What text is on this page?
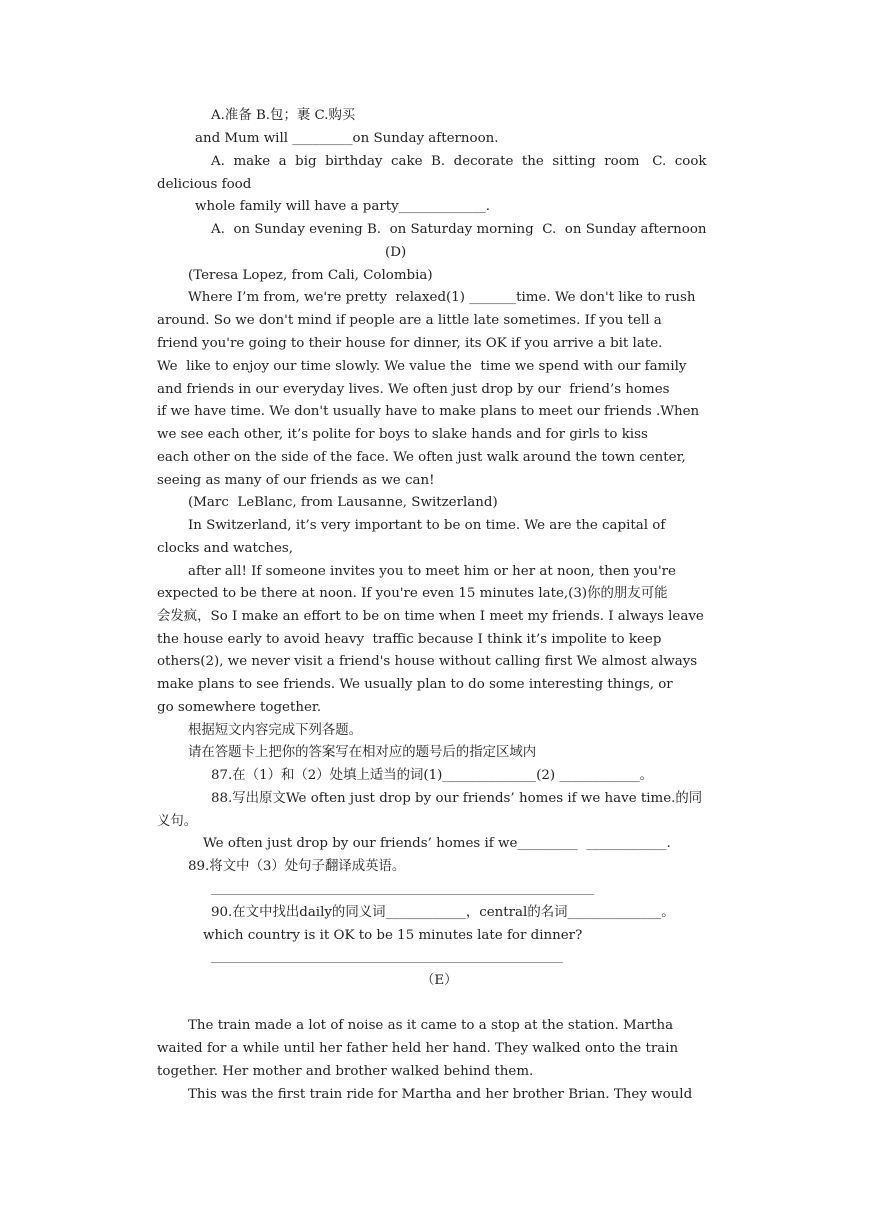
A.准备 B.包；裹 C.购买
and Mum will _________on Sunday afternoon.
A.  make  a  big  birthday  cake  B.  decorate  the  sitting  room   C.  cook
delicious food
whole family will have a party_____________.
A.  on Sunday evening B.  on Saturday morning  C.  on Sunday afternoon
(D)
(Teresa Lopez, from Cali, Colombia)
Where I’m from, we're pretty  relaxed(1) _______time. We don't like to rush
around. So we don't mind if people are a little late sometimes. If you tell a
friend you're going to their house for dinner, its OK if you arrive a bit late.
We  like to enjoy our time slowly. We value the  time we spend with our family
and friends in our everyday lives. We often just drop by our  friend’s homes
if we have time. We don't usually have to make plans to meet our friends .When
we see each other, it’s polite for boys to slake hands and for girls to kiss
each other on the side of the face. We often just walk around the town center,
seeing as many of our friends as we can!
(Marc  LeBlanc, from Lausanne, Switzerland)
In Switzerland, it’s very important to be on time. We are the capital of
clocks and watches,
after all! If someone invites you to meet him or her at noon, then you're
expected to be there at noon. If you're even 15 minutes late,(3)你的朋友可能
会发疯，So I make an effort to be on time when I meet my friends. I always leave
the house early to avoid heavy  traffic because I think it’s impolite to keep
others(2), we never visit a friend's house without calling first We almost always
make plans to see friends. We usually plan to do some interesting things, or
go somewhere together.
根据短文内容完成下列各题。
请在答题卡上把你的答案写在相对应的题号后的指定区域内
87.在（1）和（2）处填上适当的词(1)______________(2) ____________。
88.写出原文We often just drop by our friends’ homes if we have time.的同
义句。
We often just drop by our friends’ homes if we_________  ____________.
89.将文中（3）处句子翻译成英语。
90.在文中找出daily的同义词____________，central的名词______________。
which country is it OK to be 15 minutes late for dinner?
（E）
The train made a lot of noise as it came to a stop at the station. Martha
waited for a while until her father held her hand. They walked onto the train
together. Her mother and brother walked behind them.
This was the first train ride for Martha and her brother Brian. They would
